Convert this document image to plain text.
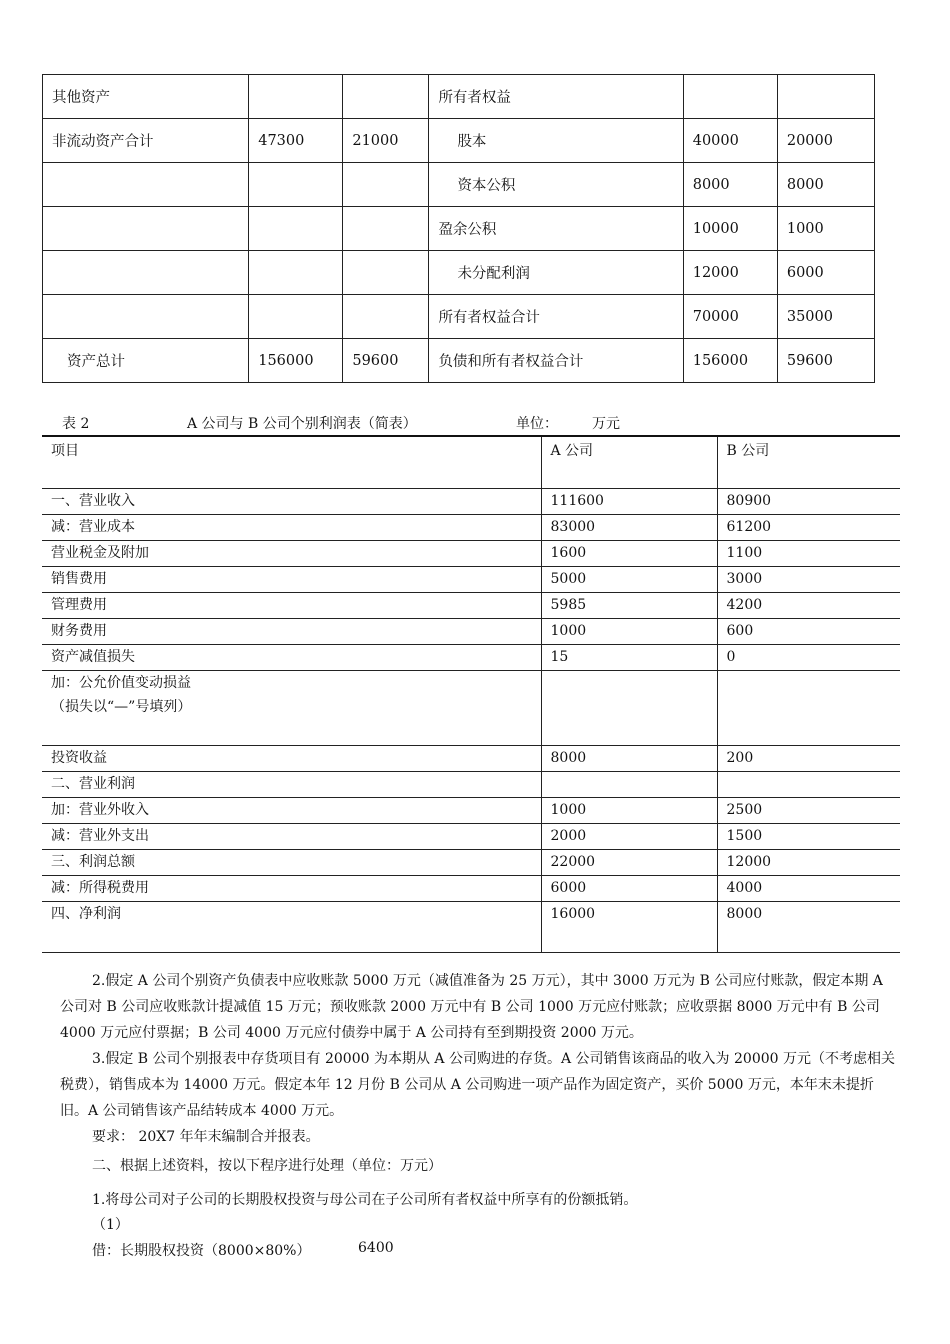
其他资产			所有者权益		
非流动资产合计	47300	21000	股本	40000	20000
			资本公积	8000	8000
			盈余公积	10000	1000
			未分配利润	12000	6000
			所有者权益合计	70000	35000
资产总计	156000	59600	负债和所有者权益合计	156000	59600
表 2	A 公司与 B 公司个别利润表（简表）	单位： 万元
项目	A 公司	B 公司
一、营业收入	111600	80900
减：营业成本	83000	61200
营业税金及附加	1600	1100
销售费用	5000	3000
管理费用	5985	4200
财务费用	1000	600
资产减值损失	15	0

加：公允价值变动损益
（损失以“—”号填列）		

投资收益	8000	200
二、营业利润		
加：营业外收入	1000	2500
减：营业外支出	2000	1500
三、利润总额	22000	12000
减：所得税费用	6000	4000
四、净利润	16000	8000

2.假定 A 公司个别资产负债表中应收账款 5000 万元（减值准备为 25 万元），其中 3000 万元为 B 公司应付账款，假定本期 A 公司对 B 公司应收账款计提减值 15 万元；预收账款 2000 万元中有 B 公司 1000 万元应付账款；应收票据 8000 万元中有 B 公司 4000 万元应付票据；B 公司 4000 万元应付债券中属于 A 公司持有至到期投资 2000 万元。

3.假定 B 公司个别报表中存货项目有 20000 为本期从 A 公司购进的存货。A 公司销售该商品的收入为 20000 万元（不考虑相关税费），销售成本为 14000 万元。假定本年 12 月份 B 公司从 A 公司购进一项产品作为固定资产，买价 5000 万元，本年末未提折旧。A 公司销售该产品结转成本 4000 万元。

要求： 20X7 年年末编制合并报表。

二、根据上述资料，按以下程序进行处理（单位：万元）
1.将母公司对子公司的长期股权投资与母公司在子公司所有者权益中所享有的份额抵销。
（1）
借：长期股权投资（8000×80%）	6400
